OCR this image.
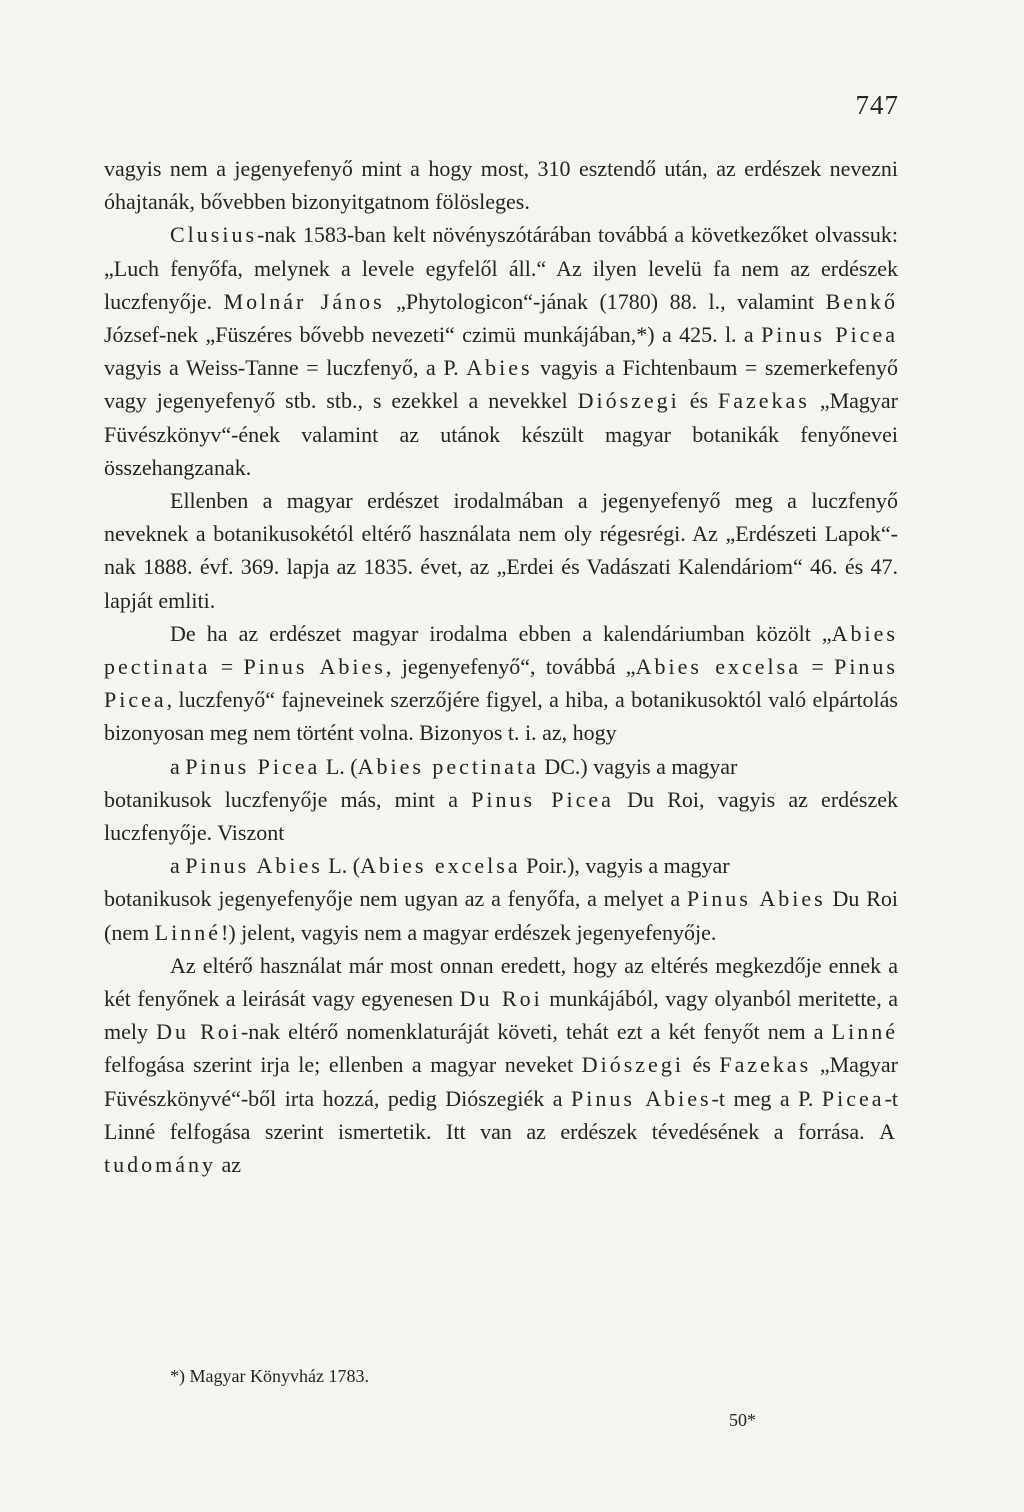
747

vagyis nem a jegenyefenyő mint a hogy most, 310 esztendő után, az erdészek nevezni óhajtanák, bővebben bizonyitgatnom fölösleges.

Clusius-nak 1583-ban kelt növényszótárában továbbá a következőket olvassuk: „Luch fenyőfa, melynek a levele egyfelől áll.“ Az ilyen levelü fa nem az erdészek luczfenyője. Molnár János „Phytologicon“-jának (1780) 88. l., valamint Benkő József-nek „Füszéres bővebb nevezeti“ czimü munkájában,*) a 425. l. a Pinus Picea vagyis a Weiss-Tanne = luczfenyő, a P. Abies vagyis a Fichtenbaum = szemerkefenyő vagy jegenyefenyő stb. stb., s ezekkel a nevekkel Diószegi és Fazekas „Magyar Füvészkönyv“-ének valamint az utánok készült magyar botanikák fenyőnevei összehangzanak.

Ellenben a magyar erdészet irodalmában a jegenyefenyő meg a luczfenyő neveknek a botanikusokétól eltérő használata nem oly régesrégi. Az „Erdészeti Lapok“-nak 1888. évf. 369. lapja az 1835. évet, az „Erdei és Vadászati Kalendáriom“ 46. és 47. lapját emliti.

De ha az erdészet magyar irodalma ebben a kalendáriumban közölt „Abies pectinata = Pinus Abies, jegenyefenyő“, továbbá „Abies excelsa = Pinus Picea, luczfenyő“ fajneveinek szerzőjére figyel, a hiba, a botanikusoktól való elpártolás bizonyosan meg nem történt volna. Bizonyos t. i. az, hogy

a Pinus Picea L. (Abies pectinata DC.) vagyis a magyar

botanikusok luczfenyője más, mint a Pinus Picea Du Roi, vagyis az erdészek luczfenyője. Viszont

a Pinus Abies L. (Abies excelsa Poir.), vagyis a magyar

botanikusok jegenyefenyője nem ugyan az a fenyőfa, a melyet a Pinus Abies Du Roi (nem Linné!) jelent, vagyis nem a magyar erdészek jegenyefenyője.

Az eltérő használat már most onnan eredett, hogy az eltérés megkezdője ennek a két fenyőnek a leirását vagy egyenesen Du Roi munkájából, vagy olyanból meritette, a mely Du Roi-nak eltérő nomenklaturáját követi, tehát ezt a két fenyőt nem a Linné felfogása szerint irja le; ellenben a magyar neveket Diószegi és Fazekas „Magyar Füvészkönyvé“-ből irta hozzá, pedig Diószegiék a Pinus Abies-t meg a P. Picea-t Linné felfogása szerint ismertetik. Itt van az erdészek tévedésének a forrása. A tudomány az

*) Magyar Könyvház 1783.
50*
